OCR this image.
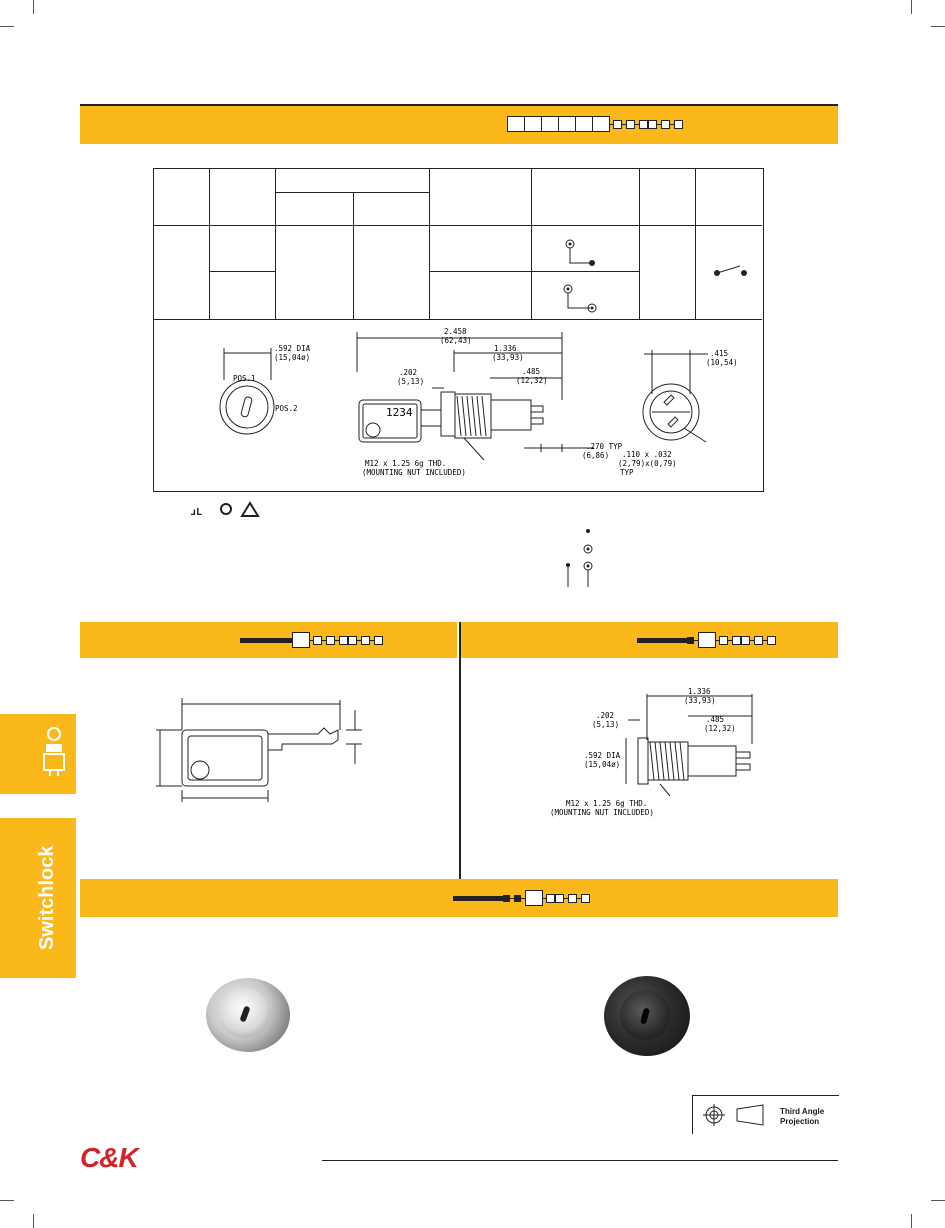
.592 DIA
(15,04ø)
POS.1
POS.2
2.458
(62,43)
1.336
(33,93)
.485
(12,32)
.202
(5,13)
1234
M12 x 1.25 6g THD.
(MOUNTING NUT INCLUDED)
.270 TYP
(6,86)
.415
(10,54)
.110 x .032
(2,79)x(0,79)
TYP
ɹL
1.336
(33,93)
.202
(5,13)
.485
(12,32)
.592 DIA
(15,04ø)
M12 x 1.25 6g THD.
(MOUNTING NUT INCLUDED)
Switchlock
Third Angle
Projection
C&K
